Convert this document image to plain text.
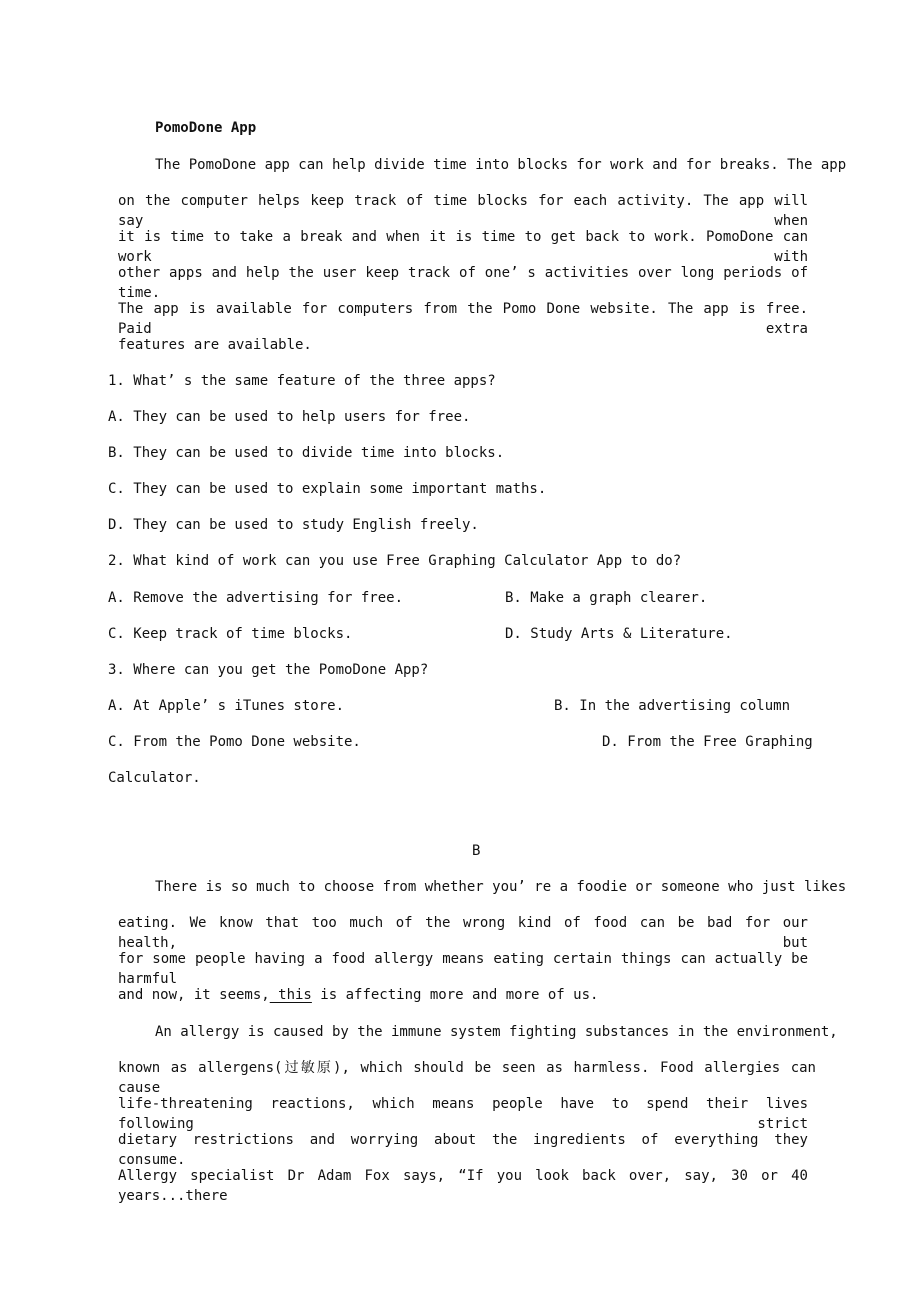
PomoDone App
The PomoDone app can help divide time into blocks for work and for breaks. The app
on the computer helps keep track of time blocks for each activity. The app will say when
it is time to take a break and when it is time to get back to work. PomoDone can work with
other apps and help the user keep track of one’ s activities over long periods of time.
The app is available for computers from the Pomo Done website. The app is free. Paid extra
features are available.
1. What’ s the same feature of the three apps?
A. They can be used to help users for free.
B. They can be used to divide time into blocks.
C. They can be used to explain some important maths.
D. They can be used to study English freely.
2. What kind of work can you use Free Graphing Calculator App to do?
A. Remove the advertising for free.	B. Make a graph clearer.
C. Keep track of time blocks.	D. Study Arts & Literature.
3. Where can you get the PomoDone App?
A. At Apple’ s iTunes store.	B. In the advertising column
C. From the Pomo Done website.	D. From the Free Graphing
Calculator.
B
There is so much to choose from whether you’ re a foodie or someone who just likes
eating. We know that too much of the wrong kind of food can be bad for our health, but
for some people having a food allergy means eating certain things can actually be harmful
and now, it seems, this is affecting more and more of us.
An allergy is caused by the immune system fighting substances in the environment,
known as allergens(过敏原), which should be seen as harmless. Food allergies can cause
life-threatening reactions, which means people have to spend their lives following strict
dietary restrictions and worrying about the ingredients of everything they consume.
Allergy specialist Dr Adam Fox says, “If you look back over, say, 30 or 40 years...there
